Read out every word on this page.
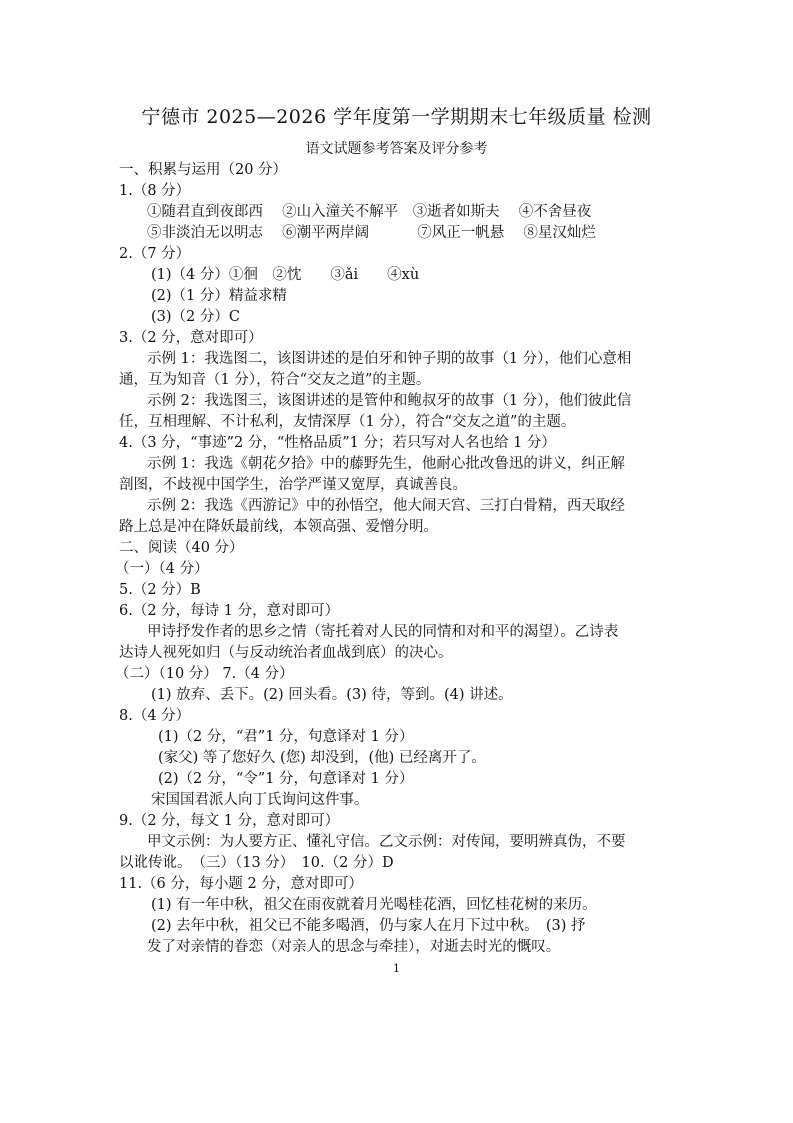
宁德市 2025—2026 学年度第一学期期末七年级质量 检测
语文试题参考答案及评分参考
一、积累与运用（20 分）
1.（8 分）
①随君直到夜郎西　 ②山入潼关不解平　③逝者如斯夫　 ④不舍昼夜
⑤非淡泊无以明志　 ⑥潮平两岸阔　　　 ⑦风正一帆悬　 ⑧星汉灿烂
2.（7 分）
(1)（4 分）①徊　②忱　　③ǎi　　④xù
(2)（1 分）精益求精
(3)（2 分）C
3.（2 分，意对即可）
示例 1：我选图二，该图讲述的是伯牙和钟子期的故事（1 分），他们心意相
通，互为知音（1 分），符合“交友之道”的主题。
示例 2：我选图三，该图讲述的是管仲和鲍叔牙的故事（1 分），他们彼此信
任，互相理解、不计私利，友情深厚（1 分），符合“交友之道”的主题。
4.（3 分，“事迹”2 分，“性格品质”1 分；若只写对人名也给 1 分）
示例 1：我选《朝花夕拾》中的藤野先生，他耐心批改鲁迅的讲义，纠正解
剖图，不歧视中国学生，治学严谨又宽厚，真诚善良。
示例 2：我选《西游记》中的孙悟空，他大闹天宫、三打白骨精，西天取经
路上总是冲在降妖最前线，本领高强、爱憎分明。
二、阅读（40 分）
（一）（4 分）
5.（2 分）B
6.（2 分，每诗 1 分，意对即可）
甲诗抒发作者的思乡之情（寄托着对人民的同情和对和平的渴望）。乙诗表
达诗人视死如归（与反动统治者血战到底）的决心。
（二）（10 分） 7.（4 分）
(1) 放弃、丢下。(2) 回头看。(3) 待，等到。(4) 讲述。
8.（4 分）
(1)（2 分，“君”1 分，句意译对 1 分）
(家父) 等了您好久 (您) 却没到，(他) 已经离开了。
(2)（2 分，“令”1 分，句意译对 1 分）
宋国国君派人向丁氏询问这件事。
9.（2 分，每文 1 分，意对即可）
甲文示例：为人要方正、懂礼守信。乙文示例：对传闻，要明辨真伪，不要
以讹传讹。　（三）（13 分）　10.（2 分）D
11.（6 分，每小题 2 分，意对即可）
(1) 有一年中秋，祖父在雨夜就着月光喝桂花酒，回忆桂花树的来历。
(2) 去年中秋，祖父已不能多喝酒，仍与家人在月下过中秋。　(3) 抒
发了对亲情的眷恋（对亲人的思念与牵挂），对逝去时光的慨叹。
1
